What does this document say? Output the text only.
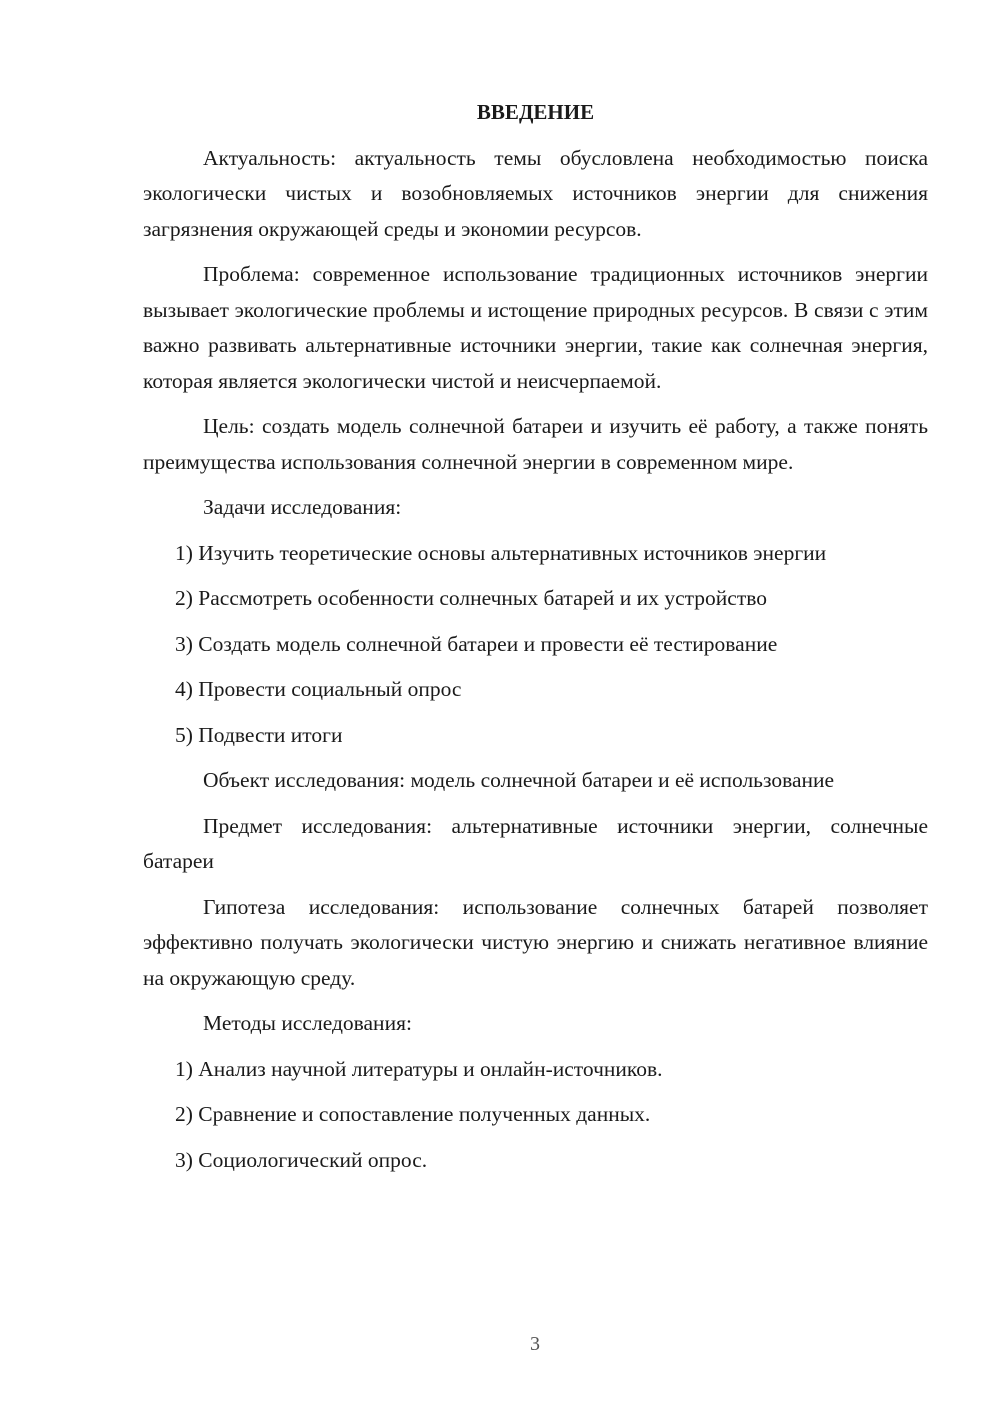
ВВЕДЕНИЕ

Актуальность: актуальность темы обусловлена необходимостью поиска экологически чистых и возобновляемых источников энергии для снижения загрязнения окружающей среды и экономии ресурсов.

Проблема: современное использование традиционных источников энергии вызывает экологические проблемы и истощение природных ресурсов. В связи с этим важно развивать альтернативные источники энергии, такие как солнечная энергия, которая является экологически чистой и неисчерпаемой.

Цель: создать модель солнечной батареи и изучить её работу, а также понять преимущества использования солнечной энергии в современном мире.

Задачи исследования:

1) Изучить теоретические основы альтернативных источников энергии
2) Рассмотреть особенности солнечных батарей и их устройство
3) Создать модель солнечной батареи и провести её тестирование
4) Провести социальный опрос
5) Подвести итоги

Объект исследования: модель солнечной батареи и её использование

Предмет исследования: альтернативные источники энергии, солнечные батареи

Гипотеза исследования: использование солнечных батарей позволяет эффективно получать экологически чистую энергию и снижать негативное влияние на окружающую среду.

Методы исследования:

1) Анализ научной литературы и онлайн-источников.
2) Сравнение и сопоставление полученных данных.
3) Социологический опрос.
3
